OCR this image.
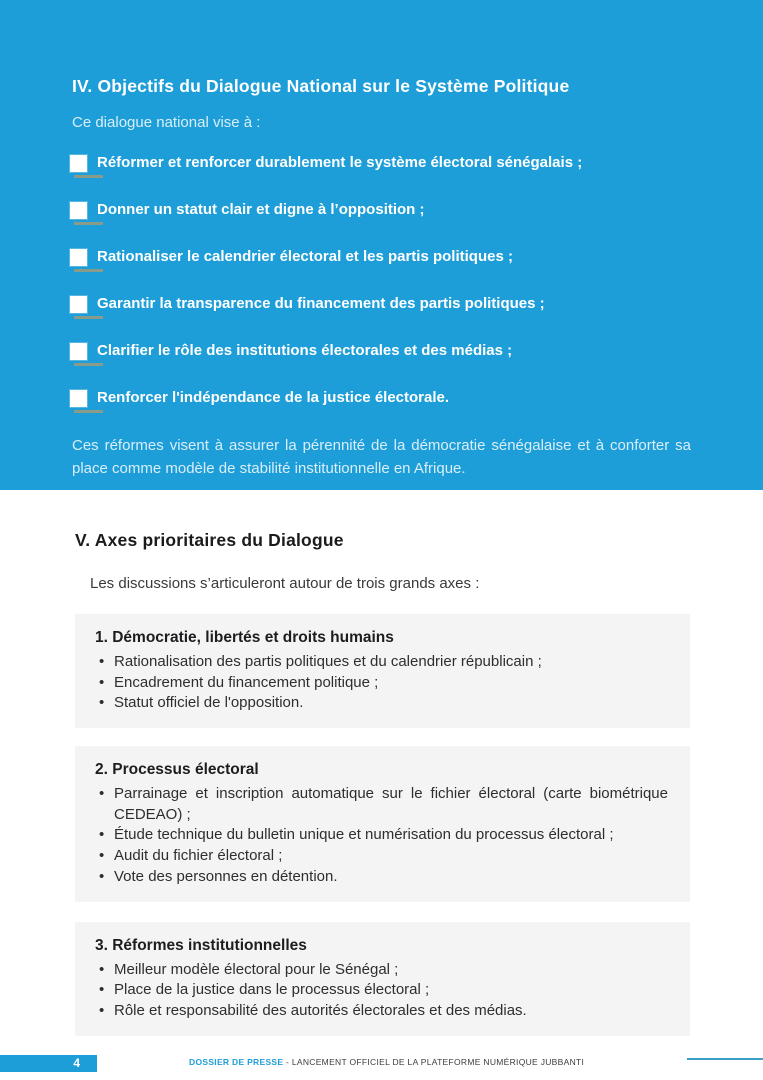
IV. Objectifs du Dialogue National sur le Système Politique

Ce dialogue national vise à :

Réformer et renforcer durablement le système électoral sénégalais ;
Donner un statut clair et digne à l’opposition ;
Rationaliser le calendrier électoral et les partis politiques ;
Garantir la transparence du financement des partis politiques ;
Clarifier le rôle des institutions électorales et des médias ;
Renforcer l'indépendance de la justice électorale.

Ces réformes visent à assurer la pérennité de la démocratie sénégalaise et à conforter sa place comme modèle de stabilité institutionnelle en Afrique.

V. Axes prioritaires du Dialogue

Les discussions s’articuleront autour de trois grands axes :

1. Démocratie, libertés et droits humains
• Rationalisation des partis politiques et du calendrier républicain ;
• Encadrement du financement politique ;
• Statut officiel de l'opposition.
2. Processus électoral
• Parrainage et inscription automatique sur le fichier électoral (carte biométrique CEDEAO) ;
• Étude technique du bulletin unique et numérisation du processus électoral ;
• Audit du fichier électoral ;
• Vote des personnes en détention.
3. Réformes institutionnelles
• Meilleur modèle électoral pour le Sénégal ;
• Place de la justice dans le processus électoral ;
• Rôle et responsabilité des autorités électorales et des médias.
4	DOSSIER DE PRESSE - LANCEMENT OFFICIEL DE LA PLATEFORME NUMÉRIQUE JUBBANTI
